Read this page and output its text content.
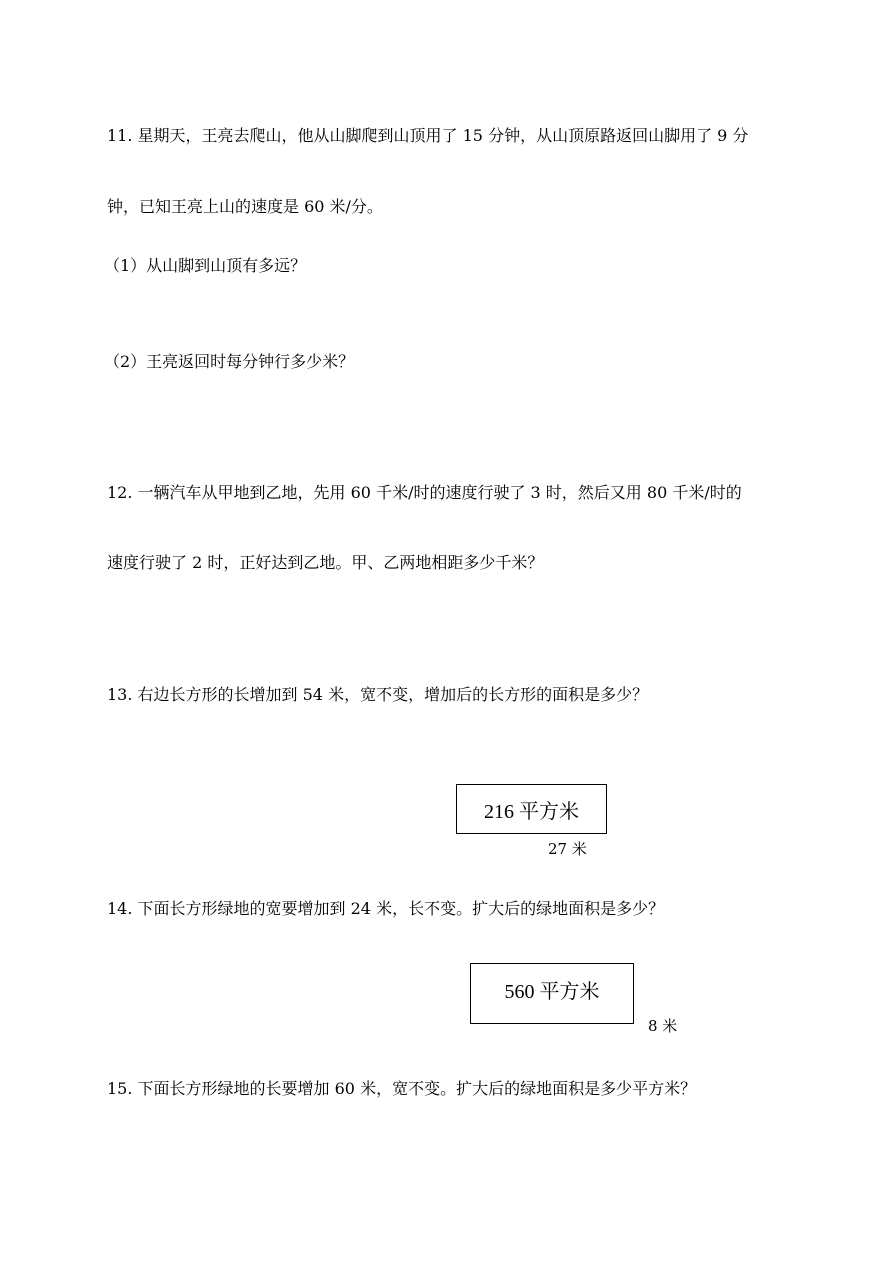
11. 星期天，王亮去爬山，他从山脚爬到山顶用了 15 分钟，从山顶原路返回山脚用了 9 分
钟，已知王亮上山的速度是 60 米/分。
（1）从山脚到山顶有多远？
（2）王亮返回时每分钟行多少米？
12. 一辆汽车从甲地到乙地，先用 60 千米/时的速度行驶了 3 时，然后又用 80 千米/时的
速度行驶了 2 时，正好达到乙地。甲、乙两地相距多少千米？
13. 右边长方形的长增加到 54 米，宽不变，增加后的长方形的面积是多少？
216 平方米
27 米
14. 下面长方形绿地的宽要增加到 24 米，长不变。扩大后的绿地面积是多少？
560 平方米
8 米
15. 下面长方形绿地的长要增加 60 米，宽不变。扩大后的绿地面积是多少平方米？
